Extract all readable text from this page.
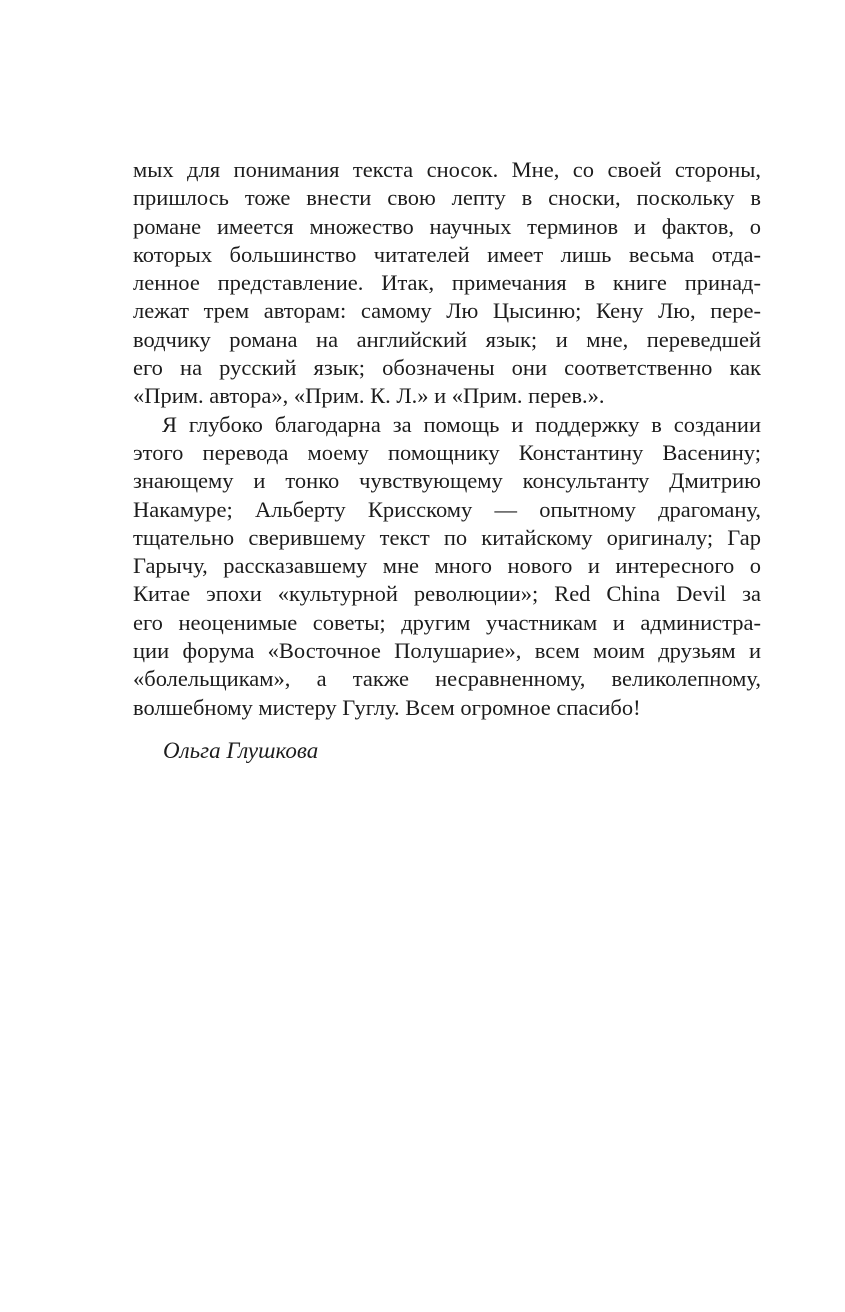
мых для понимания текста сносок. Мне, со своей стороны,
пришлось тоже внести свою лепту в сноски, поскольку в
романе имеется множество научных терминов и фактов, о
которых большинство читателей имеет лишь весьма отда-
ленное представление. Итак, примечания в книге принад-
лежат трем авторам: самому Лю Цысиню; Кену Лю, пере-
водчику романа на английский язык; и мне, переведшей
его на русский язык; обозначены они соответственно как
«Прим. автора», «Прим. К. Л.» и «Прим. перев.».
Я глубоко благодарна за помощь и поддержку в создании
этого перевода моему помощнику Константину Васенину;
знающему и тонко чувствующему консультанту Дмитрию
Накамуре; Альберту Крисскому — опытному драгоману,
тщательно сверившему текст по китайскому оригиналу; Гар
Гарычу, рассказавшему мне много нового и интересного о
Китае эпохи «культурной революции»; Red China Devil за
его неоценимые советы; другим участникам и администра-
ции форума «Восточное Полушарие», всем моим друзьям и
«болельщикам», а также несравненному, великолепному,
волшебному мистеру Гуглу. Всем огромное спасибо!
Ольга Глушкова
